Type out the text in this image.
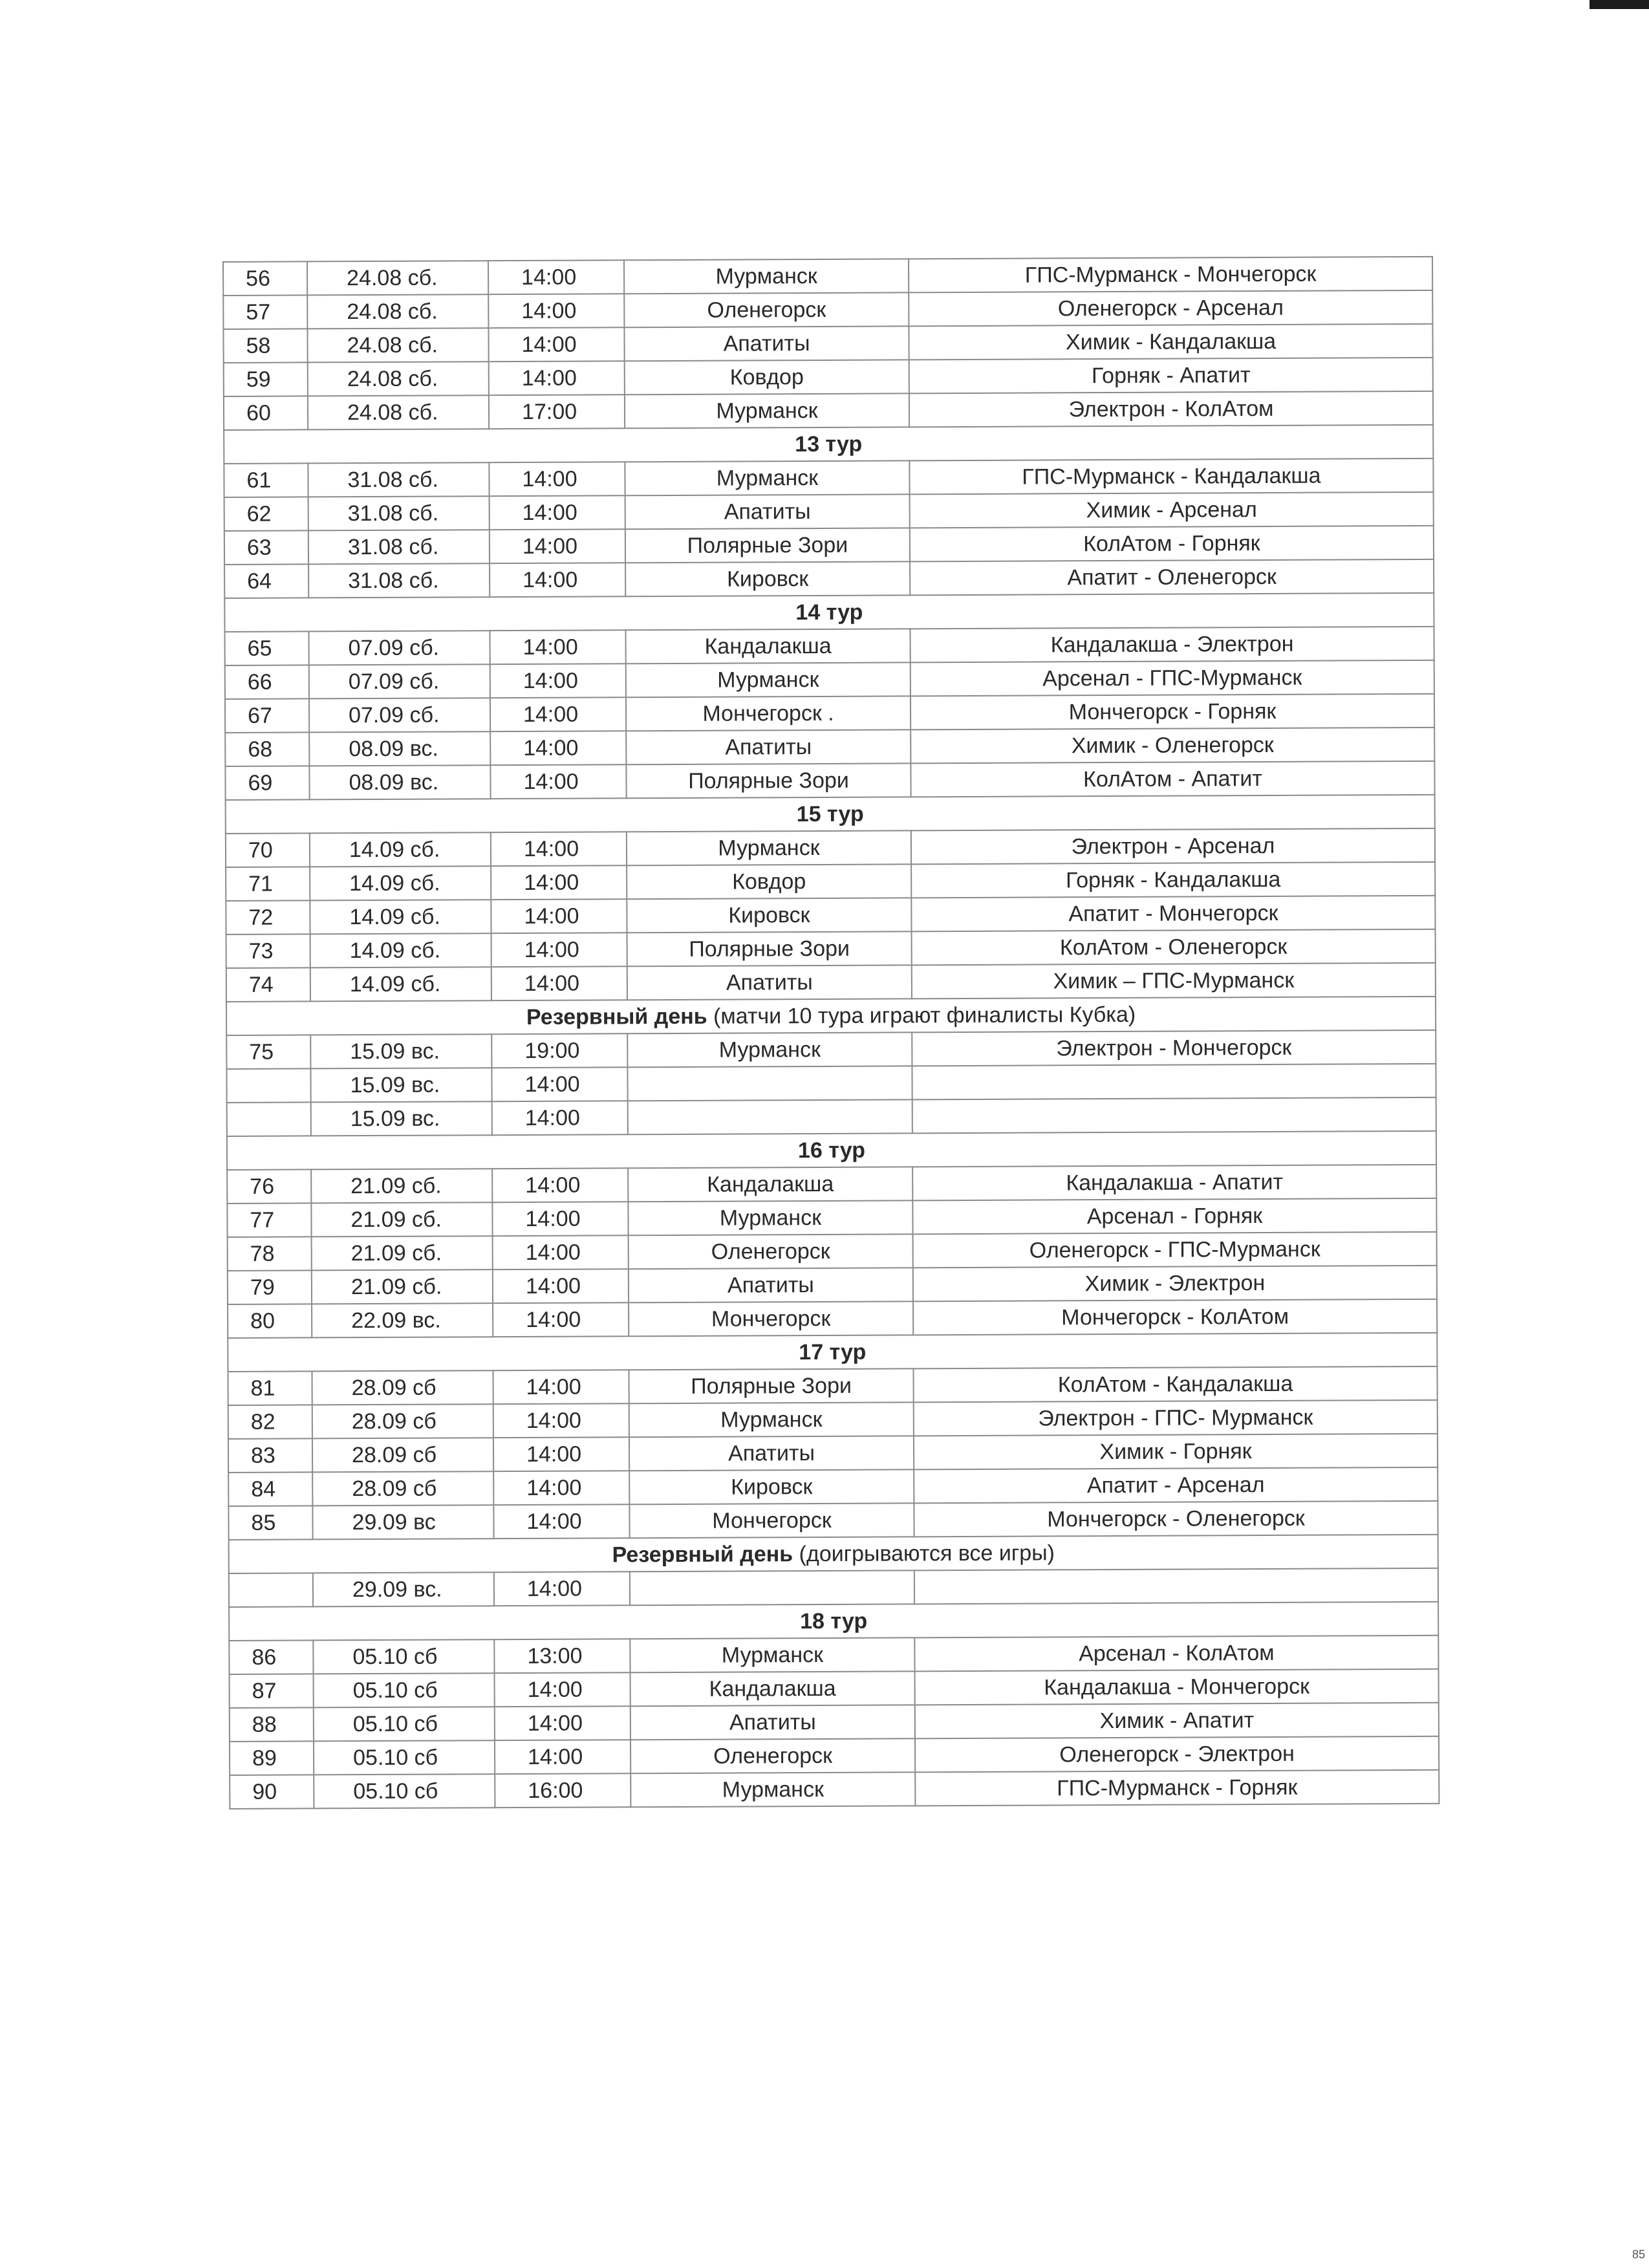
56	24.08 сб.	14:00	Мурманск	ГПС-Мурманск - Мончегорск
57	24.08 сб.	14:00	Оленегорск	Оленегорск - Арсенал
58	24.08 сб.	14:00	Апатиты	Химик - Кандалакша
59	24.08 сб.	14:00	Ковдор	Горняк - Апатит
60	24.08 сб.	17:00	Мурманск	Электрон - КолАтом
13 тур				
61	31.08 сб.	14:00	Мурманск	ГПС-Мурманск - Кандалакша
62	31.08 сб.	14:00	Апатиты	Химик - Арсенал
63	31.08 сб.	14:00	Полярные Зори	КолАтом - Горняк
64	31.08 сб.	14:00	Кировск	Апатит - Оленегорск
14 тур				
65	07.09 сб.	14:00	Кандалакша	Кандалакша - Электрон
66	07.09 сб.	14:00	Мурманск	Арсенал - ГПС-Мурманск
67	07.09 сб.	14:00	Мончегорск .	Мончегорск - Горняк
68	08.09 вс.	14:00	Апатиты	Химик - Оленегорск
69	08.09 вс.	14:00	Полярные Зори	КолАтом - Апатит
15 тур				
70	14.09 сб.	14:00	Мурманск	Электрон - Арсенал
71	14.09 сб.	14:00	Ковдор	Горняк - Кандалакша
72	14.09 сб.	14:00	Кировск	Апатит - Мончегорск
73	14.09 сб.	14:00	Полярные Зори	КолАтом - Оленегорск
74	14.09 сб.	14:00	Апатиты	Химик – ГПС-Мурманск
Резервный день (матчи 10 тура играют финалисты Кубка)				
75	15.09 вс.	19:00	Мурманск	Электрон - Мончегорск
	15.09 вс.	14:00		
	15.09 вс.	14:00		
16 тур				
76	21.09 сб.	14:00	Кандалакша	Кандалакша - Апатит
77	21.09 сб.	14:00	Мурманск	Арсенал - Горняк
78	21.09 сб.	14:00	Оленегорск	Оленегорск - ГПС-Мурманск
79	21.09 сб.	14:00	Апатиты	Химик - Электрон
80	22.09 вс.	14:00	Мончегорск	Мончегорск - КолАтом
17 тур				
81	28.09 сб	14:00	Полярные Зори	КолАтом - Кандалакша
82	28.09 сб	14:00	Мурманск	Электрон - ГПС- Мурманск
83	28.09 сб	14:00	Апатиты	Химик - Горняк
84	28.09 сб	14:00	Кировск	Апатит - Арсенал
85	29.09 вс	14:00	Мончегорск	Мончегорск - Оленегорск
Резервный день (доигрываются все игры)				
	29.09 вс.	14:00		
18 тур				
86	05.10 сб	13:00	Мурманск	Арсенал - КолАтом
87	05.10 сб	14:00	Кандалакша	Кандалакша - Мончегорск
88	05.10 сб	14:00	Апатиты	Химик - Апатит
89	05.10 сб	14:00	Оленегорск	Оленегорск - Электрон
90	05.10 сб	16:00	Мурманск	ГПС-Мурманск - Горняк
85
